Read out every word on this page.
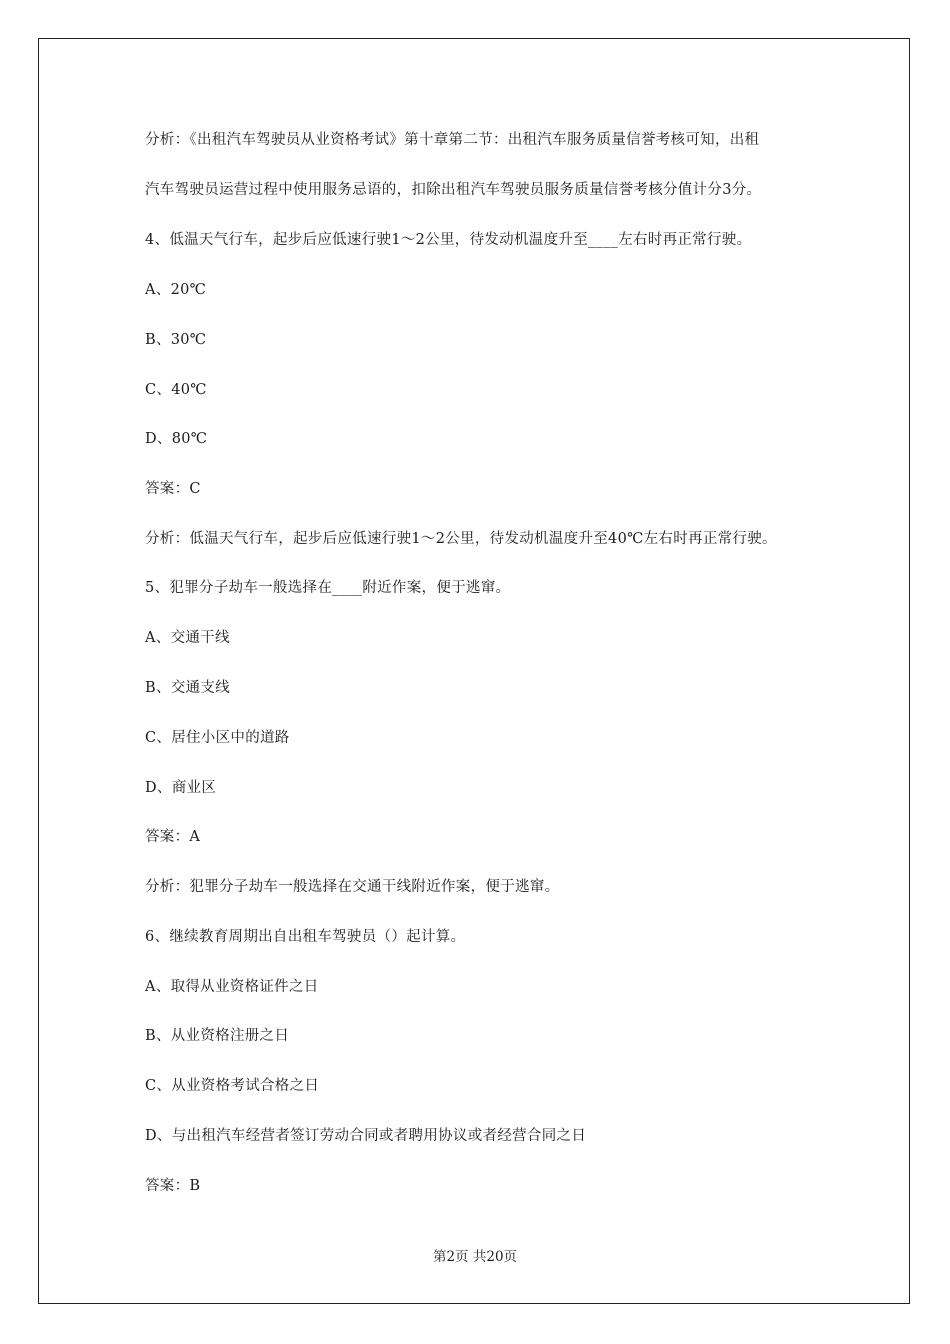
分析：《出租汽车驾驶员从业资格考试》第十章第二节：出租汽车服务质量信誉考核可知，出租
汽车驾驶员运营过程中使用服务忌语的，扣除出租汽车驾驶员服务质量信誉考核分值计分3分。
4、低温天气行车，起步后应低速行驶1～2公里，待发动机温度升至____左右时再正常行驶。
A、20℃
B、30℃
C、40℃
D、80℃
答案：C
分析：低温天气行车，起步后应低速行驶1～2公里，待发动机温度升至40℃左右时再正常行驶。
5、犯罪分子劫车一般选择在____附近作案，便于逃窜。
A、交通干线
B、交通支线
C、居住小区中的道路
D、商业区
答案：A
分析：犯罪分子劫车一般选择在交通干线附近作案，便于逃窜。
6、继续教育周期出自出租车驾驶员（）起计算。
A、取得从业资格证件之日
B、从业资格注册之日
C、从业资格考试合格之日
D、与出租汽车经营者签订劳动合同或者聘用协议或者经营合同之日
答案：B
第2页 共20页
